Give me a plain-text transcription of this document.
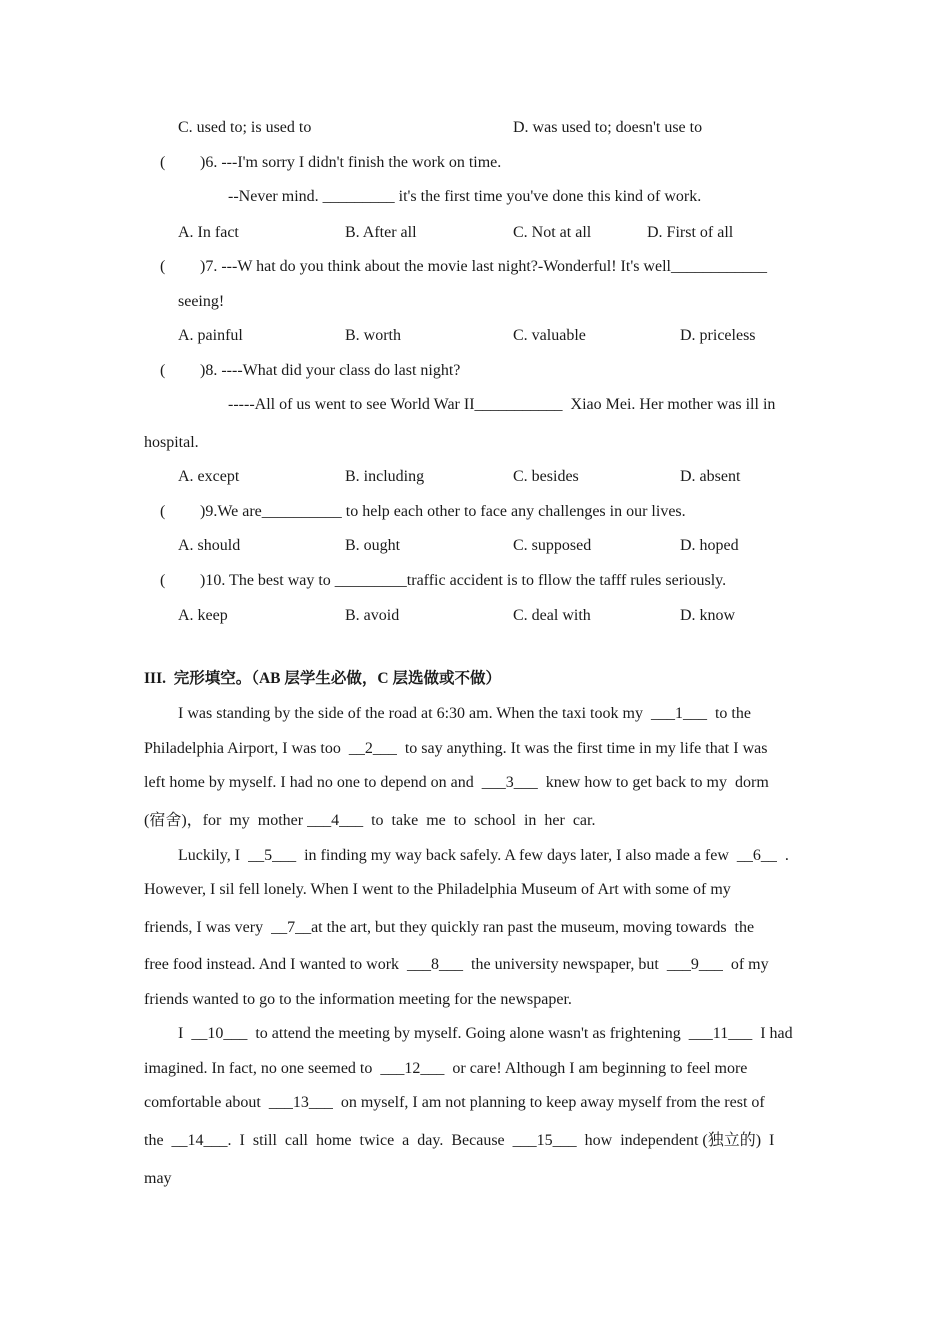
C. used to; is used to	D. was used to; doesn't use to
( )6. ---I'm sorry I didn't finish the work on time.
--Never mind. _________ it's the first time you've done this kind of work.
A. In fact	B. After all	C. Not at all	D. First of all
( )7. ---W hat do you think about the movie last night?-Wonderful! It's well____________
seeing!
A. painful	B. worth	C. valuable	D. priceless
( )8. ----What did your class do last night?
-----All of us went to see World War II___________  Xiao Mei. Her mother was ill in
hospital.
A. except	B. including	C. besides	D. absent
( )9.We are__________ to help each other to face any challenges in our lives.
A. should	B. ought	C. supposed	D. hoped
( )10. The best way to _________traffic accident is to fllow the tafff rules seriously.
A. keep	B. avoid	C. deal with	D. know
III.  完形填空。（AB 层学生必做，C 层选做或不做）
I was standing by the side of the road at 6:30 am. When the taxi took my ___1___ to the
Philadelphia Airport, I was too __2___ to say anything. It was the first time in my life that I was
left home by myself. I had no one to depend on and ___3___ knew how to get back to my  dorm
(宿舍)，for  my  mother ___4___ to  take  me  to  school  in  her  car.
Luckily, I __5___ in finding my way back safely. A few days later, I also made a few __6__ .
However, I sil fell lonely. When I went to the Philadelphia Museum of Art with some of my
friends, I was very __7__at the art, but they quickly ran past the museum, moving towards  the
free food instead. And I wanted to work ___8___ the university newspaper, but ___9___ of my
friends wanted to go to the information meeting for the newspaper.
I __10___ to attend the meeting by myself. Going alone wasn't as frightening ___11___ I had
imagined. In fact, no one seemed to ___12___ or care! Although I am beginning to feel more
comfortable about ___13___ on myself, I am not planning to keep away myself from the rest of
the __14___.  I  still  call  home  twice  a  day.  Because ___15___ how  independent (独立的)  I
may
